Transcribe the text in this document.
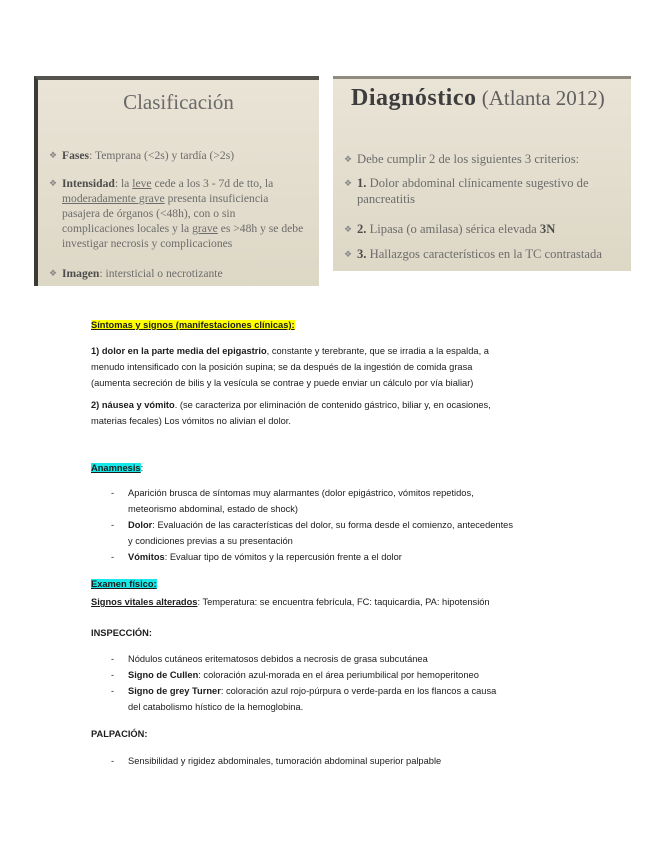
Clasificación
❖ Fases: Temprana (<2s) y tardía (>2s)
❖ Intensidad: la leve cede a los 3 - 7d de tto, la
moderadamente grave presenta insuficiencia
pasajera de órganos (<48h), con o sin
complicaciones locales y la grave es >48h y se debe
investigar necrosis y complicaciones
❖ Imagen: intersticial o necrotizante
Diagnóstico (Atlanta 2012)
❖ Debe cumplir 2 de los siguientes 3 criterios:
❖ 1. Dolor abdominal clínicamente sugestivo de
pancreatitis
❖ 2. Lipasa (o amilasa) sérica elevada 3N
❖ 3. Hallazgos característicos en la TC contrastada
Síntomas y signos (manifestaciones clínicas):
1) dolor en la parte media del epigastrio, constante y terebrante, que se irradia a la espalda, a
menudo intensificado con la posición supina; se da después de la ingestión de comida grasa
(aumenta secreción de bilis y la vesícula se contrae y puede enviar un cálculo por vía bialiar)
2) náusea y vómito. (se caracteriza por eliminación de contenido gástrico, biliar y, en ocasiones,
materias fecales) Los vómitos no alivian el dolor.
Anamnesis:
- Aparición brusca de síntomas muy alarmantes (dolor epigástrico, vómitos repetidos,
meteorismo abdominal, estado de shock)
- Dolor: Evaluación de las características del dolor, su forma desde el comienzo, antecedentes
y condiciones previas a su presentación
- Vómitos: Evaluar tipo de vómitos y la repercusión frente a el dolor
Examen físico:
Signos vitales alterados: Temperatura: se encuentra febrícula, FC: taquicardia, PA: hipotensión
INSPECCIÓN:
- Nódulos cutáneos eritematosos debidos a necrosis de grasa subcutánea
- Signo de Cullen: coloración azul-morada en el área periumbilical por hemoperitoneo
- Signo de grey Turner: coloración azul rojo-púrpura o verde-parda en los flancos a causa
del catabolismo hístico de la hemoglobina.
PALPACIÓN:
- Sensibilidad y rigidez abdominales, tumoración abdominal superior palpable
